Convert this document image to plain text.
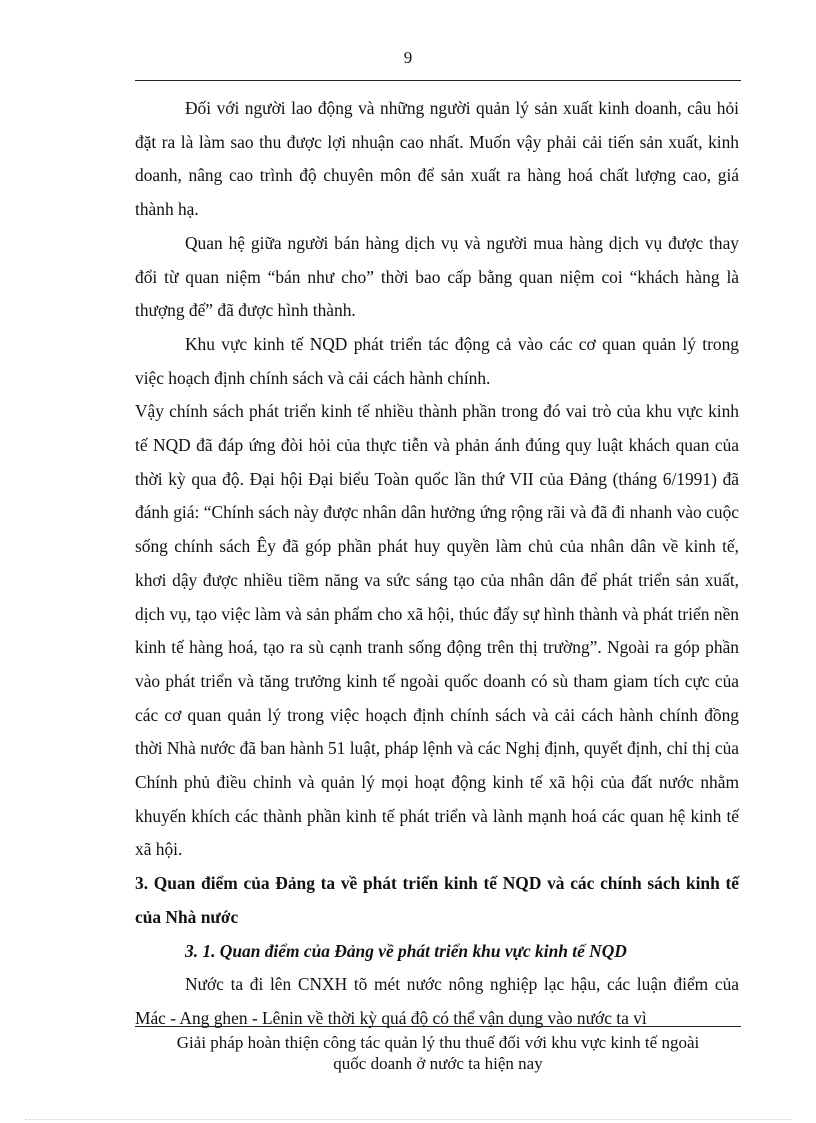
9

Đối với người lao động và những người quản lý sản xuất kinh doanh, câu hỏi đặt ra là làm sao thu được lợi nhuận cao nhất. Muốn vậy phải cải tiến sản xuất, kinh doanh, nâng cao trình độ chuyên môn để sản xuất ra hàng hoá chất lượng cao, giá thành hạ.

Quan hệ giữa người bán hàng dịch vụ và người mua hàng dịch vụ được thay đổi từ quan niệm “bán như cho” thời bao cấp bằng quan niệm coi “khách hàng là thượng đế” đã được hình thành.

Khu vực kinh tế NQD phát triển tác động cả vào các cơ quan quản lý trong việc hoạch định chính sách và cải cách hành chính.

Vậy chính sách phát triển kinh tế nhiều thành phần trong đó vai trò của khu vực kinh tế NQD đã đáp ứng đòi hỏi của thực tiễn và phản ánh đúng quy luật khách quan của thời kỳ qua độ. Đại hội Đại biểu Toàn quốc lần thứ VII của Đảng (tháng 6/1991) đã đánh giá: “Chính sách này được nhân dân hưởng ứng rộng rãi và đã đi nhanh vào cuộc sống chính sách Êy đã góp phần phát huy quyền làm chủ của nhân dân về kinh tế, khơi dậy được nhiều tiềm năng va sức sáng tạo của nhân dân để phát triển sản xuất, dịch vụ, tạo việc làm và sản phẩm cho xã hội, thúc đẩy sự hình thành và phát triển nền kinh tế hàng hoá, tạo ra sù cạnh tranh sống động trên thị trường”. Ngoài ra góp phần vào phát triển và tăng trưởng kinh tế ngoài quốc doanh có sù tham giam tích cực của các cơ quan quản lý trong việc hoạch định chính sách và cải cách hành chính đồng thời Nhà nước đã ban hành 51 luật, pháp lệnh và các Nghị định, quyết định, chỉ thị của Chính phủ điều chỉnh và quản lý mọi hoạt động kinh tế xã hội của đất nước nhằm khuyến khích các thành phần kinh tế phát triển và lành mạnh hoá các quan hệ kinh tế xã hội.

3. Quan điểm của Đảng ta về phát triển kinh tế NQD và các chính sách kinh tế của Nhà nước

3. 1. Quan điểm của Đảng về phát triển khu vực kinh tế NQD

Nước ta đi lên CNXH tõ mét nước nông nghiệp lạc hậu, các luận điểm của Mác - Ang ghen - Lênin về thời kỳ quá độ có thể vận dụng vào nước ta vì

Giải pháp hoàn thiện công tác quản lý thu thuế đối với khu vực kinh tế ngoài
quốc doanh ở nước ta hiện nay
